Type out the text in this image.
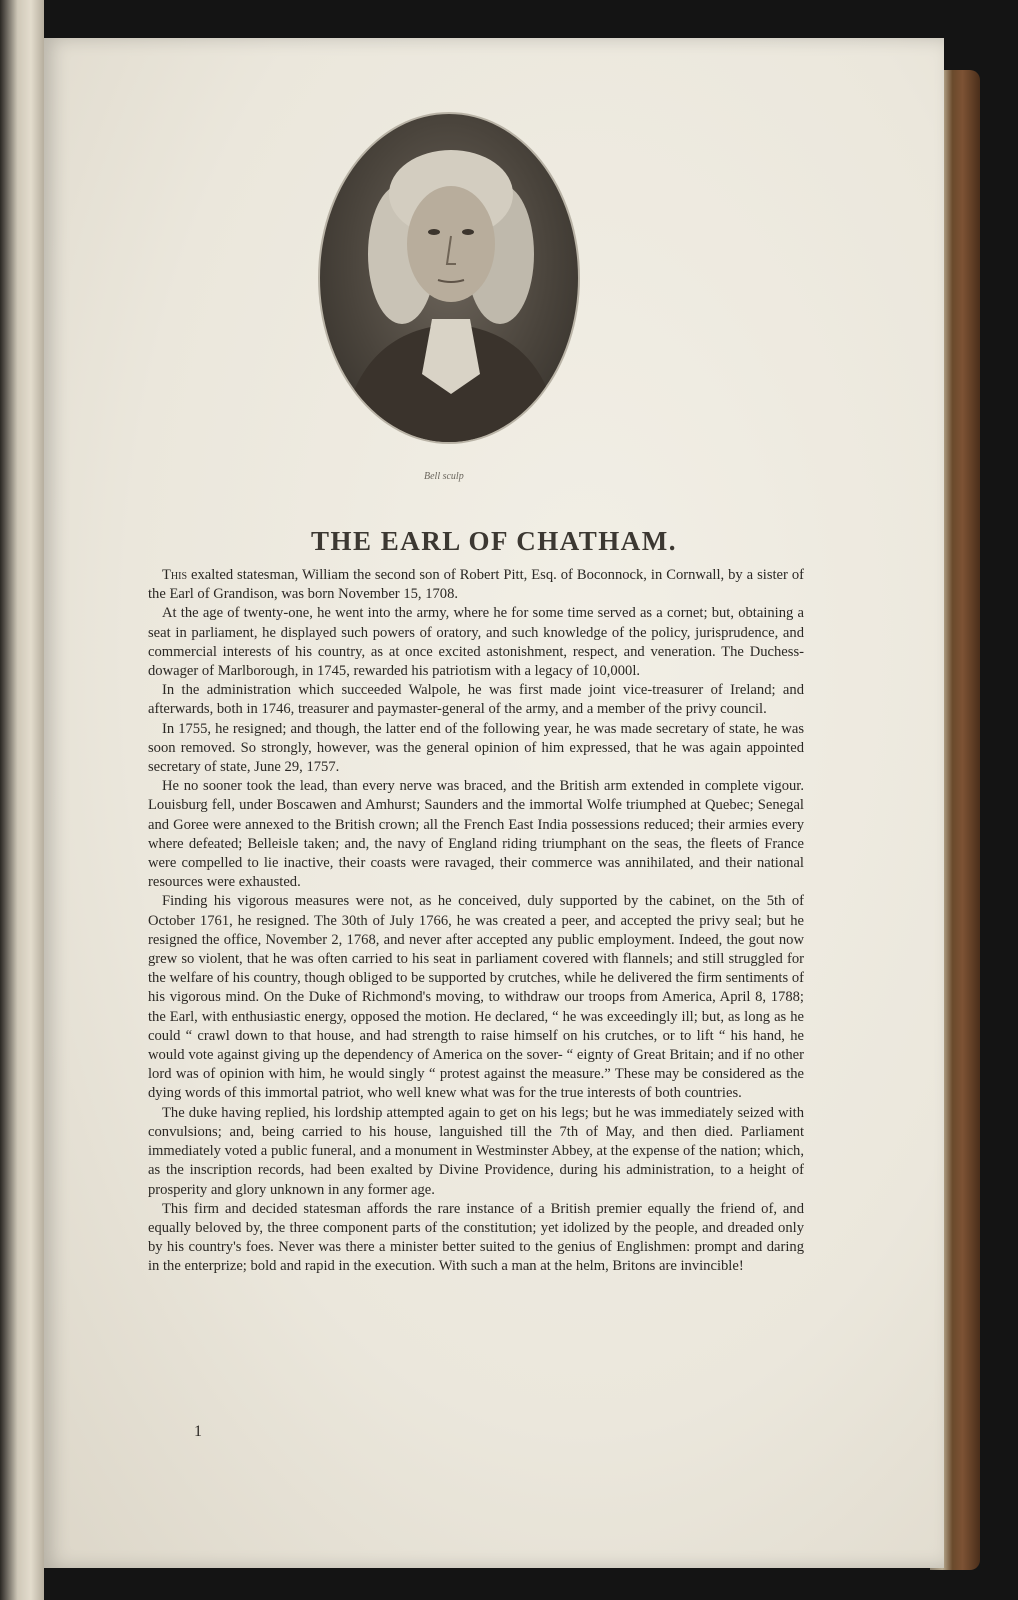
Bell sculp
THE EARL OF CHATHAM.

This exalted statesman, William the second son of Robert Pitt, Esq. of Boconnock, in Cornwall, by a sister of the Earl of Grandison, was born November 15, 1708.

At the age of twenty-one, he went into the army, where he for some time served as a cornet; but, obtaining a seat in parliament, he displayed such powers of oratory, and such knowledge of the policy, jurisprudence, and commercial interests of his country, as at once excited astonishment, respect, and veneration. The Duchess-dowager of Marlborough, in 1745, rewarded his patriotism with a legacy of 10,000l.

In the administration which succeeded Walpole, he was first made joint vice-treasurer of Ireland; and afterwards, both in 1746, treasurer and paymaster-general of the army, and a member of the privy council.

In 1755, he resigned; and though, the latter end of the following year, he was made secretary of state, he was soon removed. So strongly, however, was the general opinion of him expressed, that he was again appointed secretary of state, June 29, 1757.

He no sooner took the lead, than every nerve was braced, and the British arm extended in complete vigour. Louisburg fell, under Boscawen and Amhurst; Saunders and the immortal Wolfe triumphed at Quebec; Senegal and Goree were annexed to the British crown; all the French East India possessions reduced; their armies every where defeated; Belleisle taken; and, the navy of England riding triumphant on the seas, the fleets of France were compelled to lie inactive, their coasts were ravaged, their commerce was annihilated, and their national resources were exhausted.

Finding his vigorous measures were not, as he conceived, duly supported by the cabinet, on the 5th of October 1761, he resigned. The 30th of July 1766, he was created a peer, and accepted the privy seal; but he resigned the office, November 2, 1768, and never after accepted any public employment. Indeed, the gout now grew so violent, that he was often carried to his seat in parliament covered with flannels; and still struggled for the welfare of his country, though obliged to be supported by crutches, while he delivered the firm sentiments of his vigorous mind. On the Duke of Richmond's moving, to withdraw our troops from America, April 8, 1788; the Earl, with enthusiastic energy, opposed the motion. He declared, “ he was exceedingly ill; but, as long as he could “ crawl down to that house, and had strength to raise himself on his crutches, or to lift “ his hand, he would vote against giving up the dependency of America on the sover- “ eignty of Great Britain; and if no other lord was of opinion with him, he would singly “ protest against the measure.” These may be considered as the dying words of this immortal patriot, who well knew what was for the true interests of both countries.

The duke having replied, his lordship attempted again to get on his legs; but he was immediately seized with convulsions; and, being carried to his house, languished till the 7th of May, and then died. Parliament immediately voted a public funeral, and a monument in Westminster Abbey, at the expense of the nation; which, as the inscription records, had been exalted by Divine Providence, during his administration, to a height of prosperity and glory unknown in any former age.

This firm and decided statesman affords the rare instance of a British premier equally the friend of, and equally beloved by, the three component parts of the constitution; yet idolized by the people, and dreaded only by his country's foes. Never was there a minister better suited to the genius of Englishmen: prompt and daring in the enterprize; bold and rapid in the execution. With such a man at the helm, Britons are invincible!

1
